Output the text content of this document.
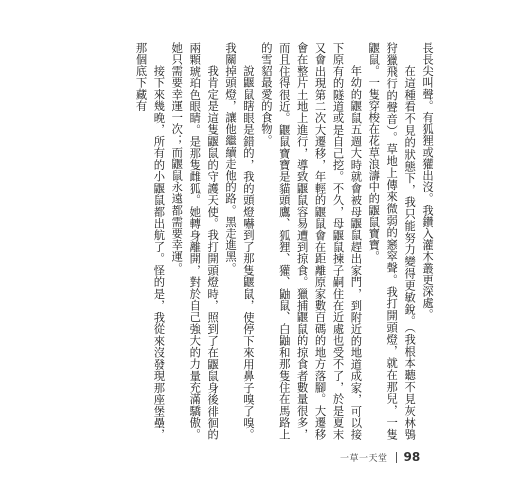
長長尖叫聲。有狐狸或獾出沒。我鑽入灌木叢更深處。

在這種看不見的狀態下，我只能努力變得更敏銳。（我根本聽不見灰林鴞狩獵飛行的聲音）。草地上傳來微弱的窸窣聲。我打開頭燈，就在那兒，一隻鼴鼠。一隻穿梭在花草浪濤中的鼴鼠寶寶。

年幼的鼴鼠五週大時就會被母鼴鼠趕出家門，到附近的地道成家，可以接下原有的隧道或是自己挖。不久，母鼴鼠揀子嗣住在近處也受不了，於是夏末又會出現第二次大遷移，年輕的鼴鼠會在距離原家數百碼的地方落腳。大遷移會在整片土地上進行，導致鼴鼠容易遭到掠食。獵捕鼴鼠的掠食者數量很多，而且住得很近。鼴鼠寶寶是貓頭鷹、狐狸、獾、鼬鼠、白鼬和那隻住在馬路上的雪貂最愛的食物。

說鼴鼠瞎眼是錯的，我的頭燈嚇到了那隻鼴鼠，使停下來用鼻子嗅了嗅。我關掉頭燈，讓他繼續走他的路。黑走進黑。

我肯定是這隻鼴鼠的守護天使。我打開頭燈時，照到了在鼴鼠身後徘徊的兩顆琥珀色眼睛。是那隻雌狐。她轉身離開，對於自己強大的力量充滿驕傲。她只需要幸運一次；而鼴鼠永遠都需要幸運。

接下來幾晚，所有的小鼴鼠都出航了。怪的是，我從來沒發現那座堡壘，那個底下藏有

一草一天堂 98
